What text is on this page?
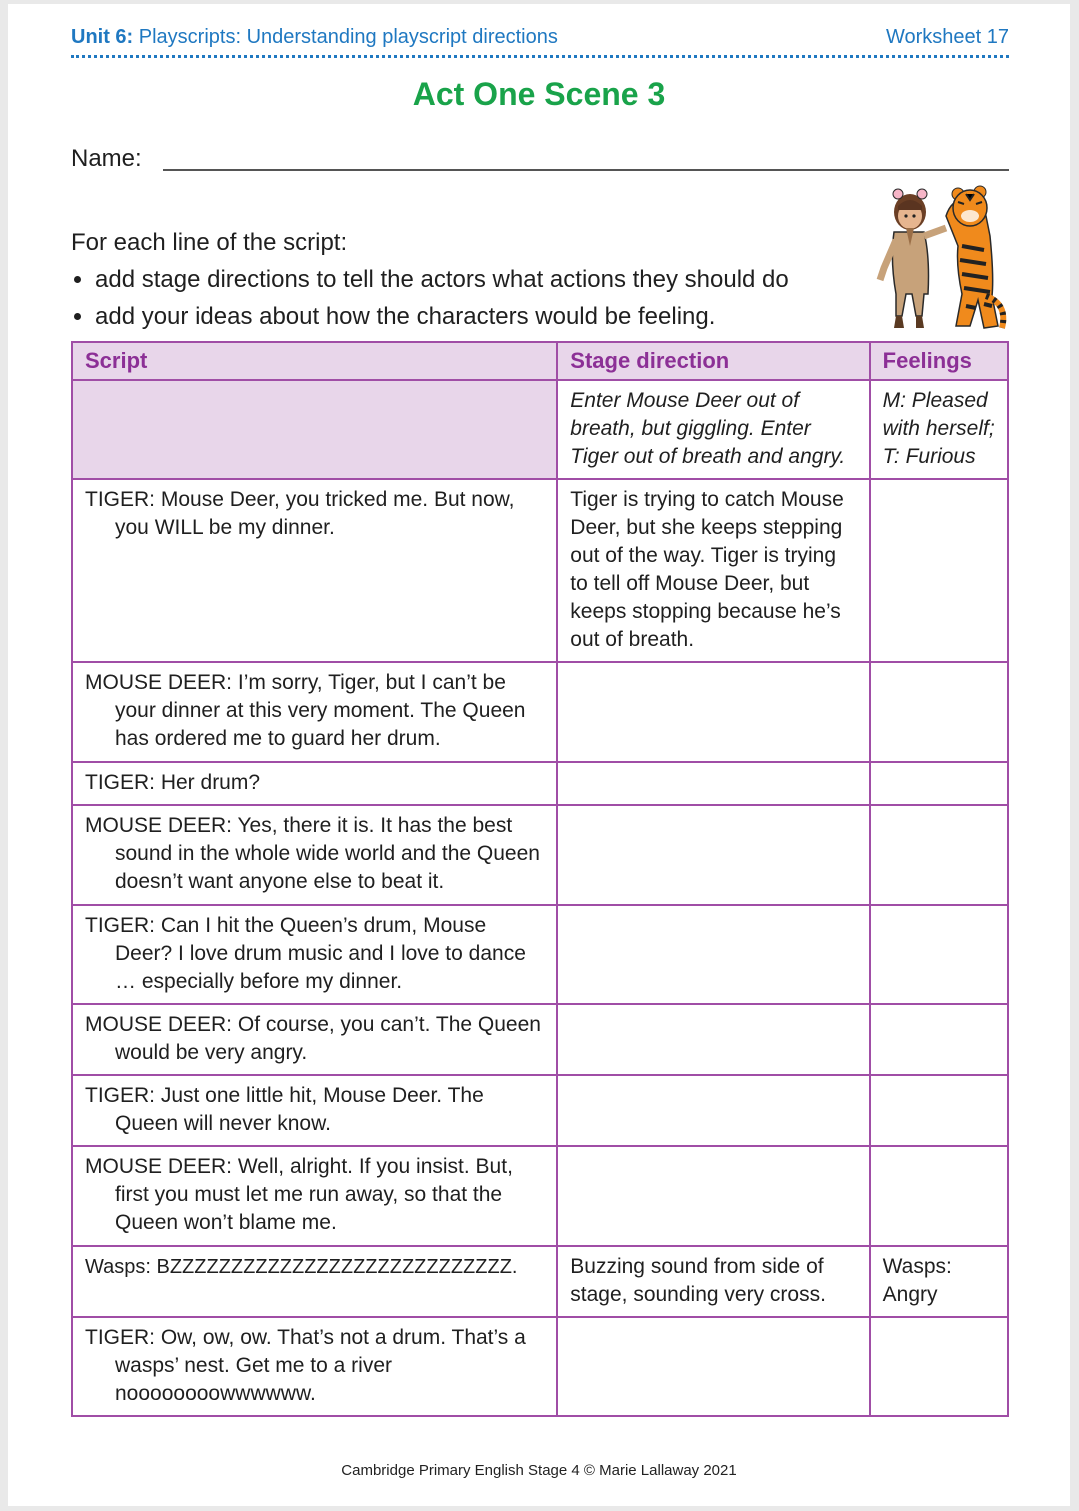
Unit 6: Playscripts: Understanding playscript directions	Worksheet 17
Act One Scene 3
Name:
For each line of the script:
• add stage directions to tell the actors what actions they should do
• add your ideas about how the characters would be feeling.
Script	Stage direction	Feelings
	Enter Mouse Deer out of breath, but giggling. Enter Tiger out of breath and angry.	M: Pleased with herself; T: Furious

TIGER: Mouse Deer, you tricked me. But now, you WILL be my dinner.	Tiger is trying to catch Mouse Deer, but she keeps stepping out of the way. Tiger is trying to tell off Mouse Deer, but keeps stopping because he’s out of breath.	

MOUSE DEER: I’m sorry, Tiger, but I can’t be your dinner at this very moment. The Queen has ordered me to guard her drum.		

TIGER: Her drum?		

MOUSE DEER: Yes, there it is. It has the best sound in the whole wide world and the Queen doesn’t want anyone else to beat it.		

TIGER: Can I hit the Queen’s drum, Mouse Deer? I love drum music and I love to dance … especially before my dinner.		

MOUSE DEER: Of course, you can’t. The Queen would be very angry.		

TIGER: Just one little hit, Mouse Deer. The Queen will never know.		

MOUSE DEER: Well, alright. If you insist. But, first you must let me run away, so that the Queen won’t blame me.		

Wasps: BZZZZZZZZZZZZZZZZZZZZZZZZZZZZ.	Buzzing sound from side of stage, sounding very cross.	Wasps: Angry

TIGER: Ow, ow, ow. That’s not a drum. That’s a wasps’ nest. Get me to a river noooooooowwwwww.		

Cambridge Primary English Stage 4 © Marie Lallaway 2021
